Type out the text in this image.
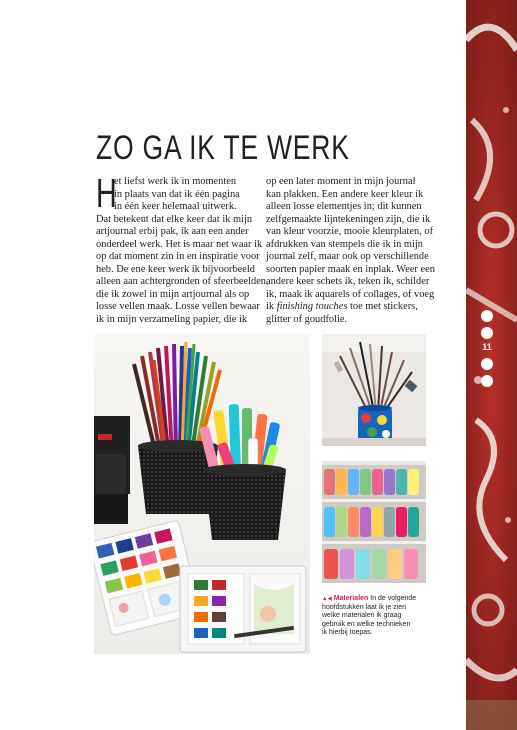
ZO GA IK TE WERK
H
et liefst werk ik in momenten
in plaats van dat ik één pagina
in één keer helemaal uitwerk.
Dat betekent dat elke keer dat ik mijn
artjournal erbij pak, ik aan een ander
onderdeel werk. Het is maar net waar ik
op dat moment zin in en inspiratie voor
heb. De ene keer werk ik bijvoorbeeld
alleen aan achtergronden of sfeerbeelden,
die ik zowel in mijn artjournal als op
losse vellen maak. Losse vellen bewaar
ik in mijn verzameling papier, die ik
op een later moment in mijn journal
kan plakken. Een andere keer kleur ik
alleen losse elementjes in; dit kunnen
zelfgemaakte lijntekeningen zijn, die ik
van kleur voorzie, mooie kleurplaten, of
afdrukken van stempels die ik in mijn
journal zelf, maar ook op verschillende
soorten papier maak en inplak. Weer een
andere keer schets ik, teken ik, schilder
ik, maak ik aquarels of collages, of voeg
ik finishing touches toe met stickers,
glitter of goudfolie.

▲◀ Materialen In de volgende
hoofdstukken laat ik je zien
welke materialen ik graag
gebruik en welke technieken
ik hierbij toepas.

11
